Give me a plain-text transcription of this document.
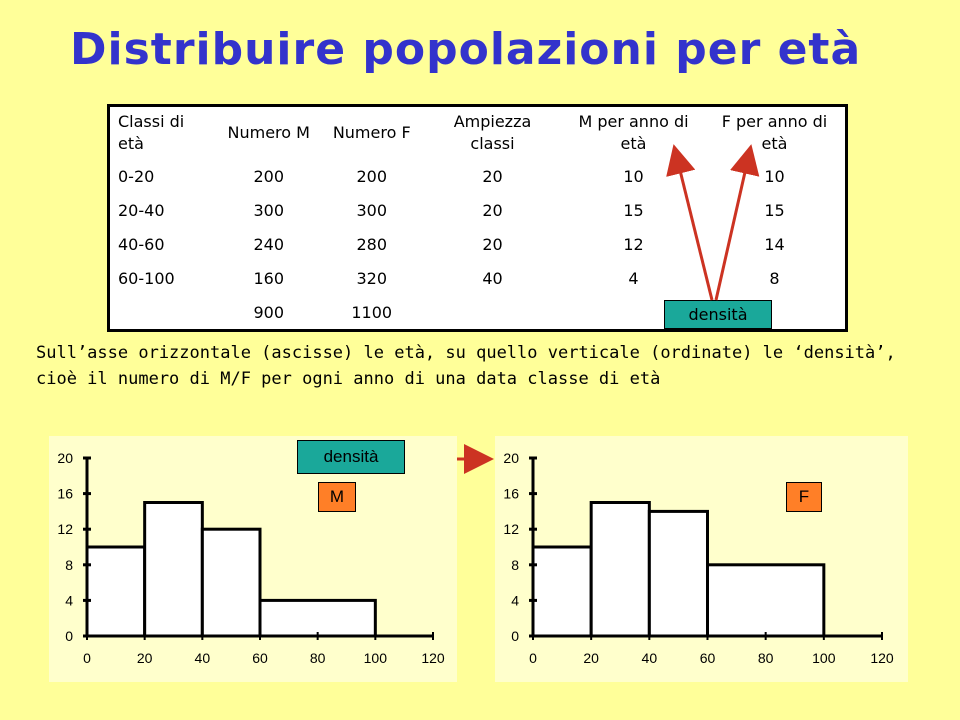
Distribuire popolazioni per età
Classi di età	Numero M	Numero F	Ampiezza classi	M per anno di età	F per anno di età
0-20	200	200	20	10	10
20-40	300	300	20	15	15
40-60	240	280	20	12	14
60-100	160	320	40	4	8
	900	1100				densità

Sull’asse orizzontale (ascisse) le età, su quello verticale (ordinate) le ‘densità’,

cioè il numero di M/F per ogni anno di una data classe di età

0
4
8
12
16
20
0	20	40	60	80	100 120
0
4
8
12
16
20
0	20	40	60	80	100 120
densità
M	F
